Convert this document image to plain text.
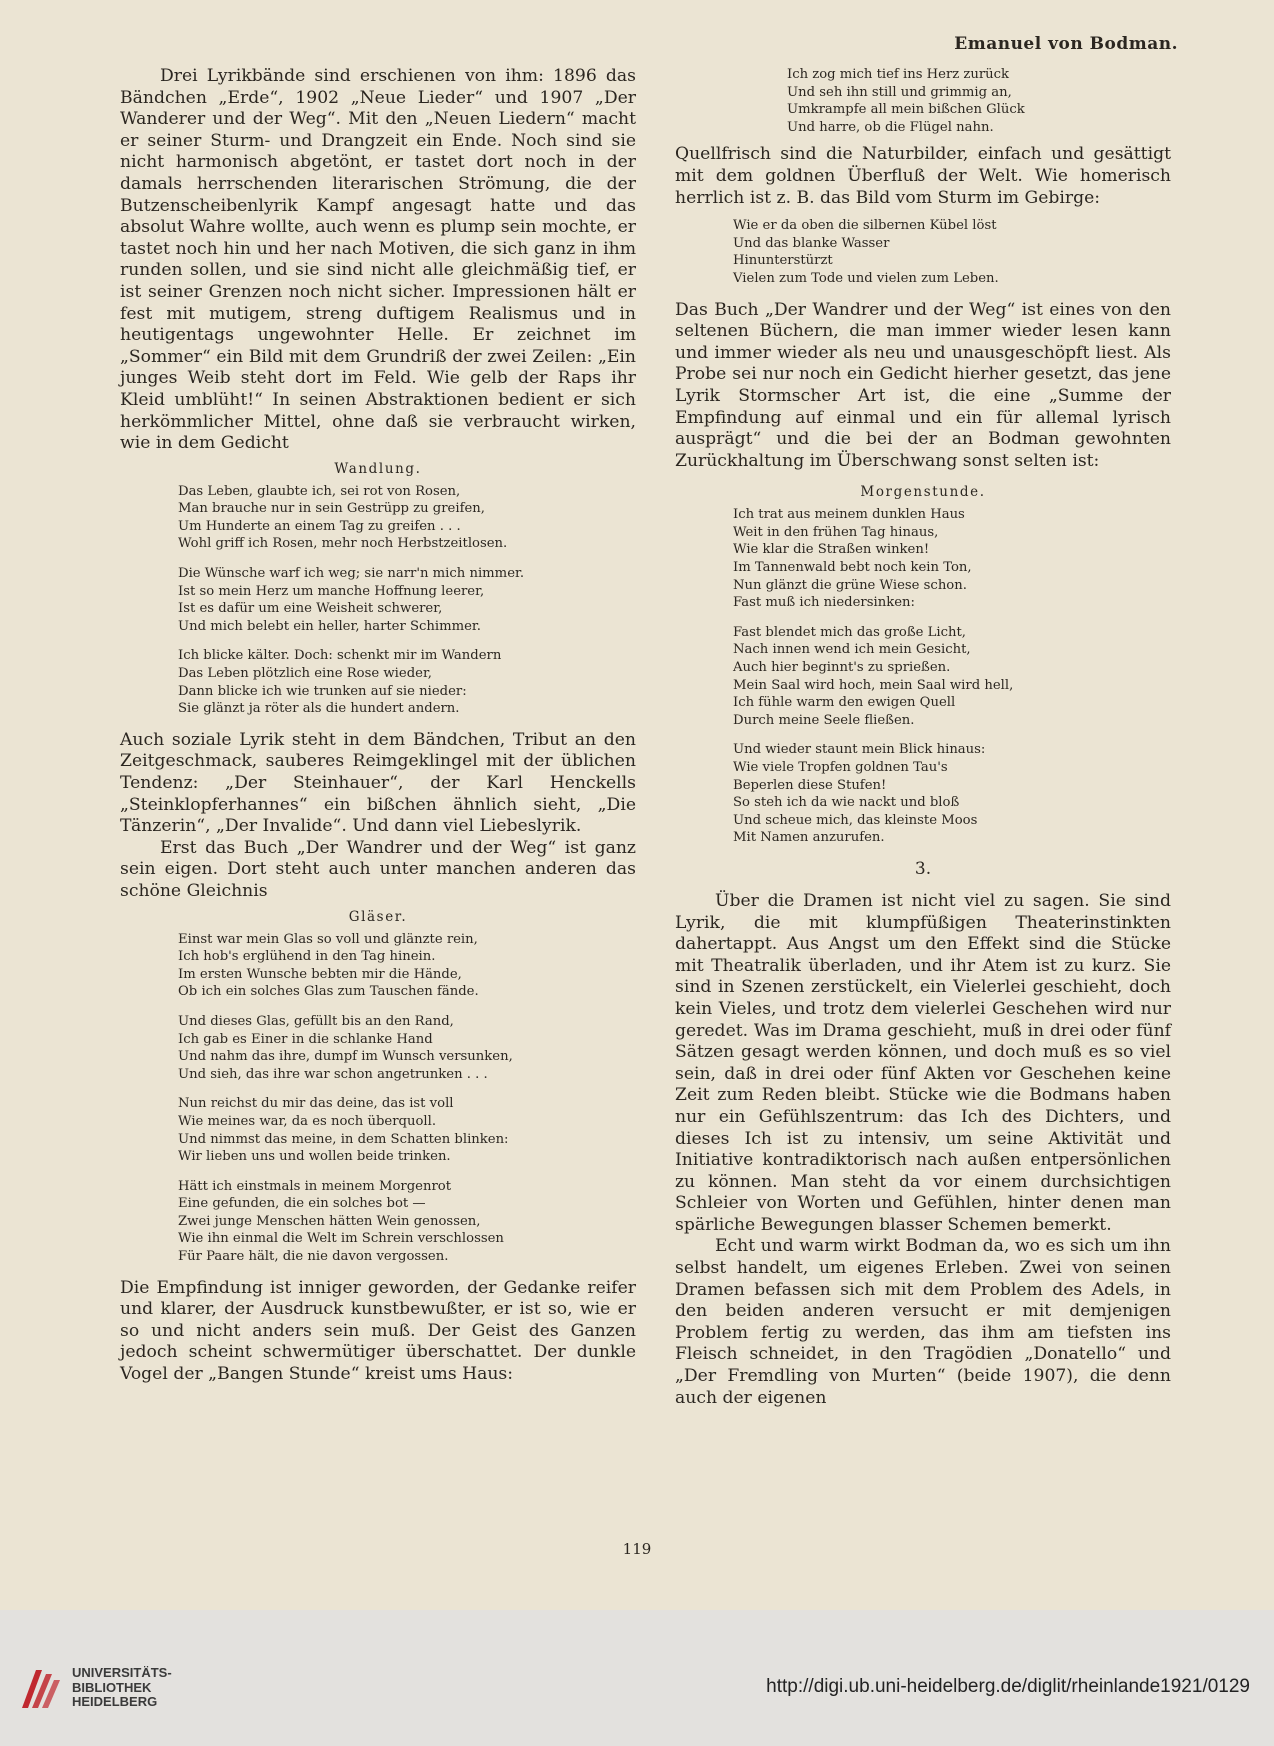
Emanuel von Bodman.

Drei Lyrikbände sind erschienen von ihm: 1896 das Bändchen „Erde“, 1902 „Neue Lieder“ und 1907 „Der Wanderer und der Weg“. Mit den „Neuen Liedern“ macht er seiner Sturm- und Drangzeit ein Ende. Noch sind sie nicht harmonisch abgetönt, er tastet dort noch in der damals herrschenden literarischen Strömung, die der Butzenscheibenlyrik Kampf angesagt hatte und das absolut Wahre wollte, auch wenn es plump sein mochte, er tastet noch hin und her nach Motiven, die sich ganz in ihm runden sollen, und sie sind nicht alle gleichmäßig tief, er ist seiner Grenzen noch nicht sicher. Impressionen hält er fest mit mutigem, streng duftigem Realismus und in heutigentags ungewohnter Helle. Er zeichnet im „Sommer“ ein Bild mit dem Grundriß der zwei Zeilen: „Ein junges Weib steht dort im Feld. Wie gelb der Raps ihr Kleid umblüht!“ In seinen Abstraktionen bedient er sich herkömmlicher Mittel, ohne daß sie verbraucht wirken, wie in dem Gedicht

Wandlung.
Das Leben, glaubte ich, sei rot von Rosen,
Man brauche nur in sein Gestrüpp zu greifen,
Um Hunderte an einem Tag zu greifen . . .
Wohl griff ich Rosen, mehr noch Herbstzeitlosen.
Die Wünsche warf ich weg; sie narr'n mich nimmer.
Ist so mein Herz um manche Hoffnung leerer,
Ist es dafür um eine Weisheit schwerer,
Und mich belebt ein heller, harter Schimmer.
Ich blicke kälter. Doch: schenkt mir im Wandern
Das Leben plötzlich eine Rose wieder,
Dann blicke ich wie trunken auf sie nieder:
Sie glänzt ja röter als die hundert andern.

Auch soziale Lyrik steht in dem Bändchen, Tribut an den Zeitgeschmack, sauberes Reimgeklingel mit der üblichen Tendenz: „Der Steinhauer“, der Karl Henckells „Steinklopferhannes“ ein bißchen ähnlich sieht, „Die Tänzerin“, „Der Invalide“. Und dann viel Liebeslyrik.

Erst das Buch „Der Wandrer und der Weg“ ist ganz sein eigen. Dort steht auch unter manchen anderen das schöne Gleichnis

Gläser.
Einst war mein Glas so voll und glänzte rein,
Ich hob's erglühend in den Tag hinein.
Im ersten Wunsche bebten mir die Hände,
Ob ich ein solches Glas zum Tauschen fände.
Und dieses Glas, gefüllt bis an den Rand,
Ich gab es Einer in die schlanke Hand
Und nahm das ihre, dumpf im Wunsch versunken,
Und sieh, das ihre war schon angetrunken . . .
Nun reichst du mir das deine, das ist voll
Wie meines war, da es noch überquoll.
Und nimmst das meine, in dem Schatten blinken:
Wir lieben uns und wollen beide trinken.
Hätt ich einstmals in meinem Morgenrot
Eine gefunden, die ein solches bot —
Zwei junge Menschen hätten Wein genossen,
Wie ihn einmal die Welt im Schrein verschlossen
Für Paare hält, die nie davon vergossen.

Die Empfindung ist inniger geworden, der Gedanke reifer und klarer, der Ausdruck kunstbewußter, er ist so, wie er so und nicht anders sein muß. Der Geist des Ganzen jedoch scheint schwermütiger überschattet. Der dunkle Vogel der „Bangen Stunde“ kreist ums Haus:

Ich zog mich tief ins Herz zurück
Und seh ihn still und grimmig an,
Umkrampfe all mein bißchen Glück
Und harre, ob die Flügel nahn.

Quellfrisch sind die Naturbilder, einfach und gesättigt mit dem goldnen Überfluß der Welt. Wie homerisch herrlich ist z. B. das Bild vom Sturm im Gebirge:

Wie er da oben die silbernen Kübel löst
Und das blanke Wasser
Hinunterstürzt
Vielen zum Tode und vielen zum Leben.

Das Buch „Der Wandrer und der Weg“ ist eines von den seltenen Büchern, die man immer wieder lesen kann und immer wieder als neu und unausgeschöpft liest. Als Probe sei nur noch ein Gedicht hierher gesetzt, das jene Lyrik Stormscher Art ist, die eine „Summe der Empfindung auf einmal und ein für allemal lyrisch ausprägt“ und die bei der an Bodman gewohnten Zurückhaltung im Überschwang sonst selten ist:

Morgenstunde.
Ich trat aus meinem dunklen Haus
Weit in den frühen Tag hinaus,
Wie klar die Straßen winken!
Im Tannenwald bebt noch kein Ton,
Nun glänzt die grüne Wiese schon.
Fast muß ich niedersinken:
Fast blendet mich das große Licht,
Nach innen wend ich mein Gesicht,
Auch hier beginnt's zu sprießen.
Mein Saal wird hoch, mein Saal wird hell,
Ich fühle warm den ewigen Quell
Durch meine Seele fließen.
Und wieder staunt mein Blick hinaus:
Wie viele Tropfen goldnen Tau's
Beperlen diese Stufen!
So steh ich da wie nackt und bloß
Und scheue mich, das kleinste Moos
Mit Namen anzurufen.
3.

Über die Dramen ist nicht viel zu sagen. Sie sind Lyrik, die mit klumpfüßigen Theaterinstinkten dahertappt. Aus Angst um den Effekt sind die Stücke mit Theatralik überladen, und ihr Atem ist zu kurz. Sie sind in Szenen zerstückelt, ein Vielerlei geschieht, doch kein Vieles, und trotz dem vielerlei Geschehen wird nur geredet. Was im Drama geschieht, muß in drei oder fünf Sätzen gesagt werden können, und doch muß es so viel sein, daß in drei oder fünf Akten vor Geschehen keine Zeit zum Reden bleibt. Stücke wie die Bodmans haben nur ein Gefühlszentrum: das Ich des Dichters, und dieses Ich ist zu intensiv, um seine Aktivität und Initiative kontradiktorisch nach außen entpersönlichen zu können. Man steht da vor einem durchsichtigen Schleier von Worten und Gefühlen, hinter denen man spärliche Bewegungen blasser Schemen bemerkt.

Echt und warm wirkt Bodman da, wo es sich um ihn selbst handelt, um eigenes Erleben. Zwei von seinen Dramen befassen sich mit dem Problem des Adels, in den beiden anderen versucht er mit demjenigen Problem fertig zu werden, das ihm am tiefsten ins Fleisch schneidet, in den Tragödien „Donatello“ und „Der Fremdling von Murten“ (beide 1907), die denn auch der eigenen

119
UNIVERSITÄTS-
BIBLIOTHEK
HEIDELBERG
http://digi.ub.uni-heidelberg.de/diglit/rheinlande1921/0129
